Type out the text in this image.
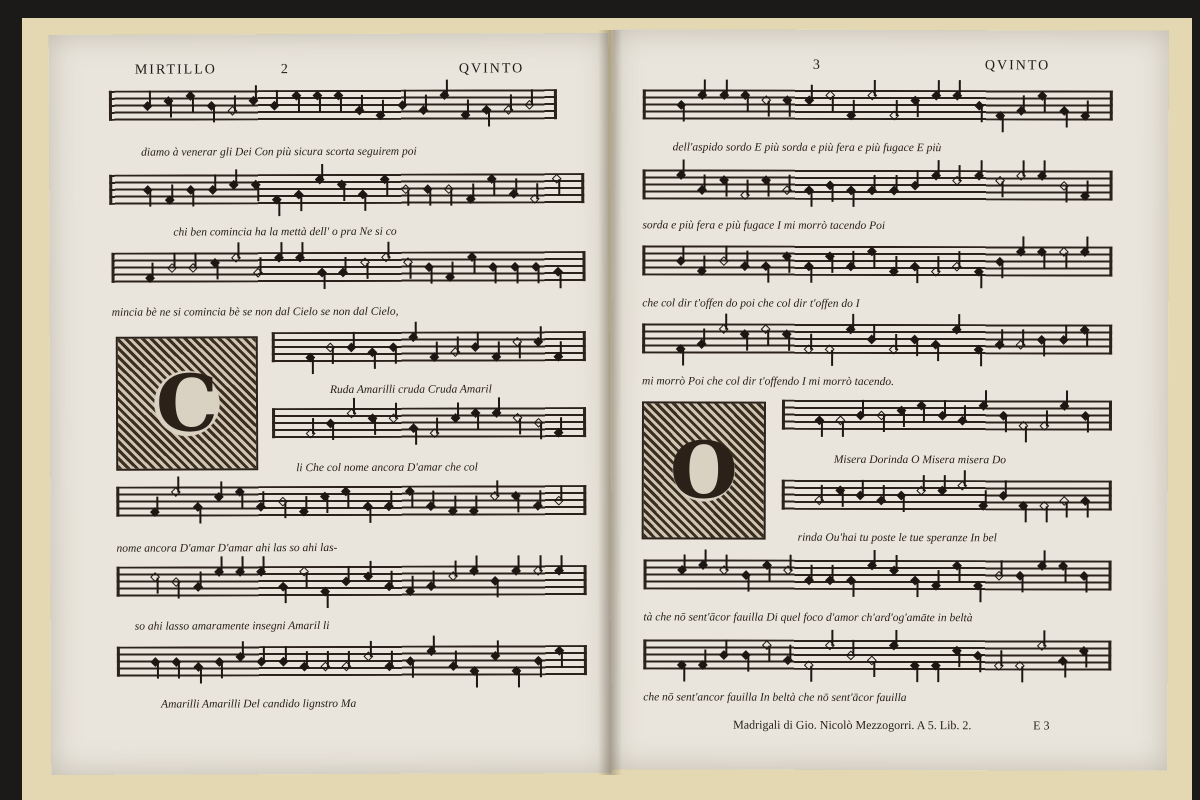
MIRTILLO	2	QVINTO
diamo à venerar gli Dei Con più sicura scorta seguirem poi
chi ben comincia ha la mettà dell' o pra Ne si co
mincia bè ne si comincia bè se non dal Cielo se non dal Cielo,
C	Ruda Amarilli cruda Cruda Amaril
li Che col nome ancora D'amar che col
nome ancora D'amar D'amar ahi las so ahi las-
so ahi lasso amaramente insegni Amaril li
Amarilli Amarilli Del candido lignstro Ma
3	QVINTO
dell'aspido sordo E più sorda e più fera e più fugace E più
sorda e più fera e più fugace I mi morrò tacendo Poi
che col dir t'offen do poi che col dir t'offen do I
mi morrò Poi che col dir t'offendo I mi morrò tacendo.
O	Misera Dorinda O Misera misera Do
rinda Ou'hai tu poste le tue speranze In bel
tà che nō sent'ācor fauilla Di quel foco d'amor ch'ard'og'amāte in beltà
che nō sent'ancor fauilla In beltà che nō sent'ācor fauilla
Madrigali di Gio. Nicolò Mezzogorri. A 5. Lib. 2.	E 3
